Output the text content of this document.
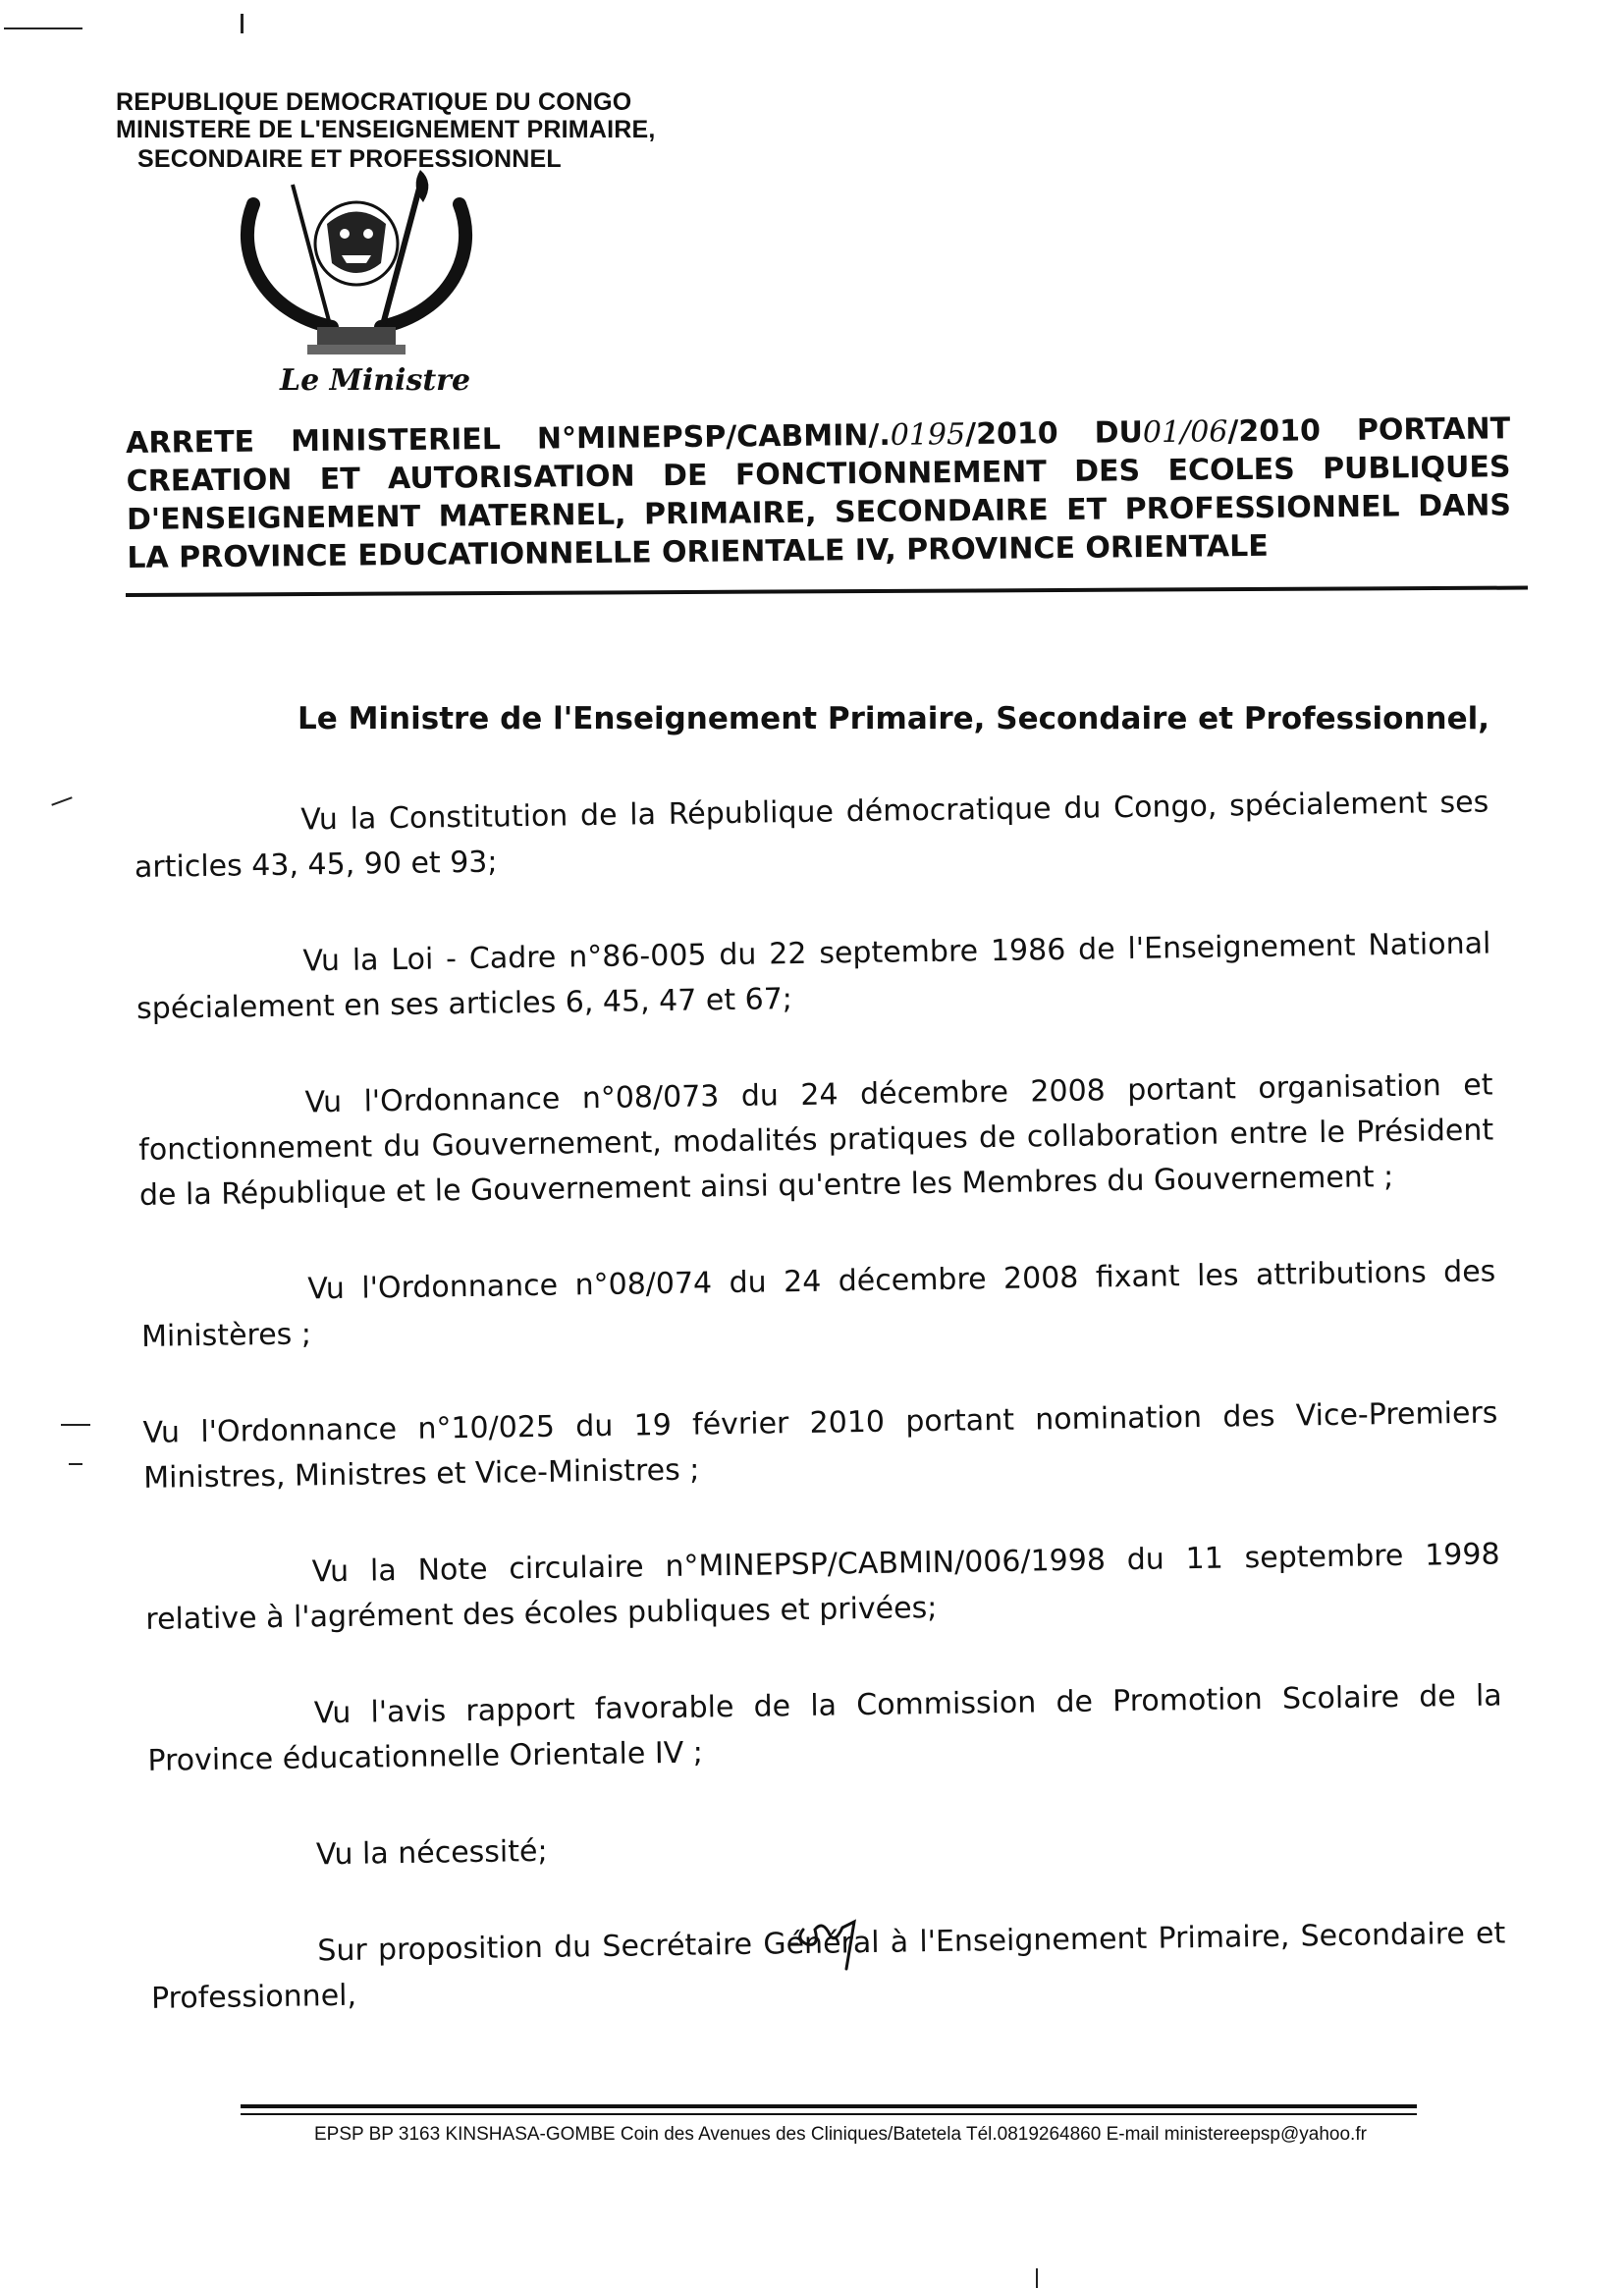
REPUBLIQUE DEMOCRATIQUE DU CONGO
MINISTERE DE L'ENSEIGNEMENT PRIMAIRE,
SECONDAIRE ET PROFESSIONNEL
Le Ministre
ARRETE MINISTERIEL N°MINEPSP/CABMIN/.0195/2010 DU01/06/2010 PORTANT CREATION ET AUTORISATION DE FONCTIONNEMENT DES ECOLES PUBLIQUES D'ENSEIGNEMENT MATERNEL, PRIMAIRE, SECONDAIRE ET PROFESSIONNEL DANS LA PROVINCE EDUCATIONNELLE ORIENTALE IV, PROVINCE ORIENTALE
Le Ministre de l'Enseignement Primaire, Secondaire et Professionnel,

Vu la Constitution de la République démocratique du Congo, spécialement ses articles 43, 45, 90 et 93;

Vu la Loi - Cadre n°86-005 du 22 septembre 1986 de l'Enseignement National spécialement en ses articles 6, 45, 47 et 67;

Vu l'Ordonnance n°08/073 du 24 décembre 2008 portant organisation et fonctionnement du Gouvernement, modalités pratiques de collaboration entre le Président de la République et le Gouvernement ainsi qu'entre les Membres du Gouvernement ;

Vu l'Ordonnance n°08/074 du 24 décembre 2008 fixant les attributions des Ministères ;

Vu l'Ordonnance n°10/025 du 19 février 2010 portant nomination des Vice-Premiers Ministres, Ministres et Vice-Ministres ;

Vu la Note circulaire n°MINEPSP/CABMIN/006/1998 du 11 septembre 1998 relative à l'agrément des écoles publiques et privées;

Vu l'avis rapport favorable de la Commission de Promotion Scolaire de la Province éducationnelle Orientale IV ;

Vu la nécessité;

Sur proposition du Secrétaire Général à l'Enseignement Primaire, Secondaire et Professionnel,

EPSP BP 3163 KINSHASA-GOMBE Coin des Avenues des Cliniques/Batetela Tél.0819264860 E-mail ministereepsp@yahoo.fr
